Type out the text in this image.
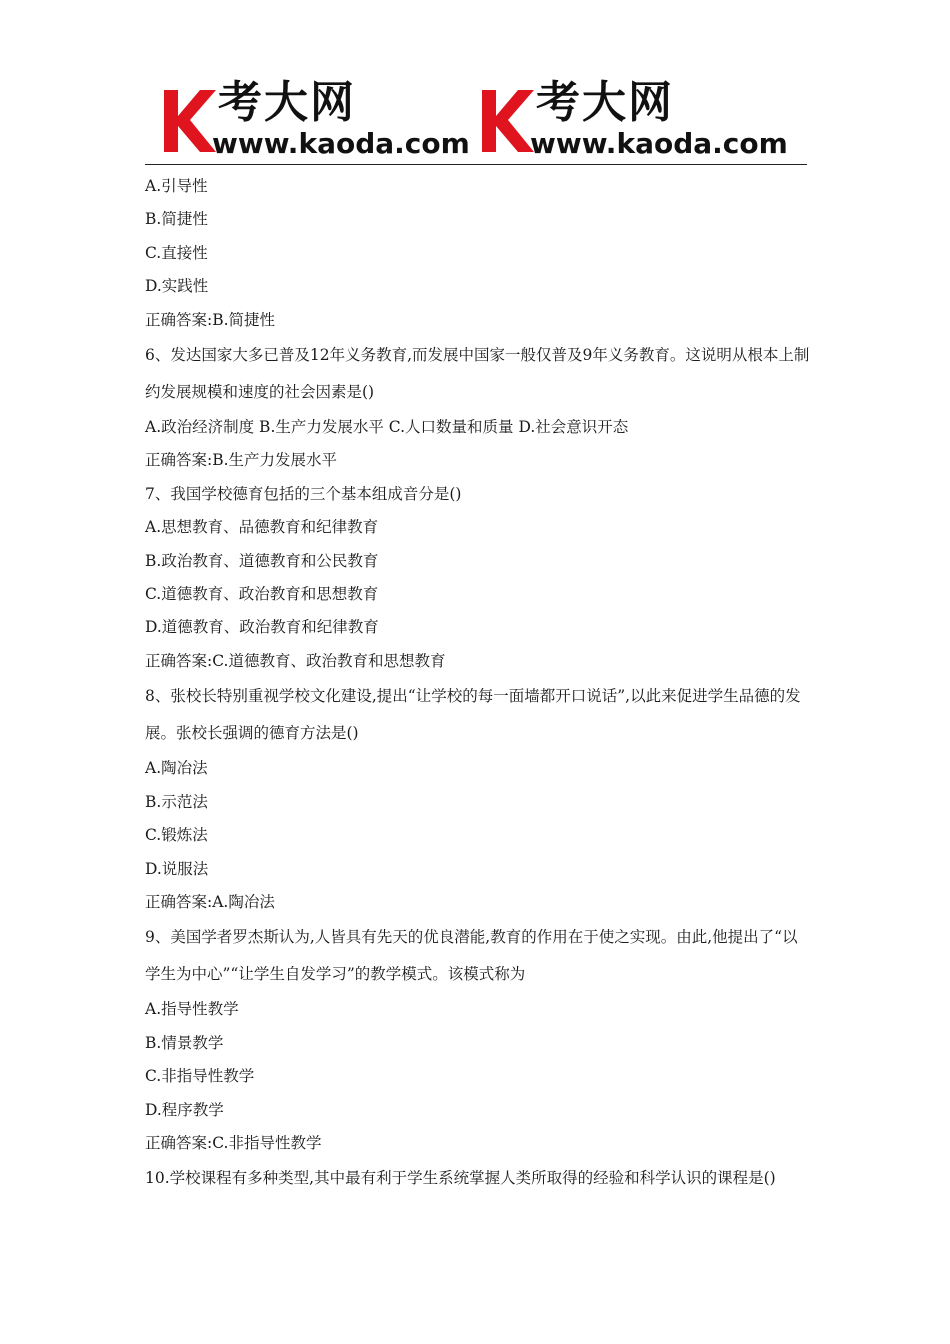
考大网
www.kaoda.com
考大网
www.kaoda.com
A.引导性
B.简捷性
C.直接性
D.实践性
正确答案:B.简捷性
6、发达国家大多已普及12年义务教育,而发展中国家一般仅普及9年义务教育。这说明从根本上制约发展规模和速度的社会因素是()
A.政治经济制度 B.生产力发展水平 C.人口数量和质量 D.社会意识开态
正确答案:B.生产力发展水平
7、我国学校德育包括的三个基本组成音分是()
A.思想教育、品德教育和纪律教育
B.政治教育、道德教育和公民教育
C.道德教育、政治教育和思想教育
D.道德教育、政治教育和纪律教育
正确答案:C.道德教育、政治教育和思想教育
8、张校长特别重视学校文化建设,提出“让学校的每一面墙都开口说话”,以此来促进学生品德的发展。张校长强调的德育方法是()
A.陶冶法
B.示范法
C.锻炼法
D.说服法
正确答案:A.陶冶法
9、美国学者罗杰斯认为,人皆具有先天的优良潜能,教育的作用在于使之实现。由此,他提出了“以学生为中心”“让学生自发学习”的教学模式。该模式称为
A.指导性教学
B.情景教学
C.非指导性教学
D.程序教学
正确答案:C.非指导性教学
10.学校课程有多种类型,其中最有利于学生系统掌握人类所取得的经验和科学认识的课程是()
